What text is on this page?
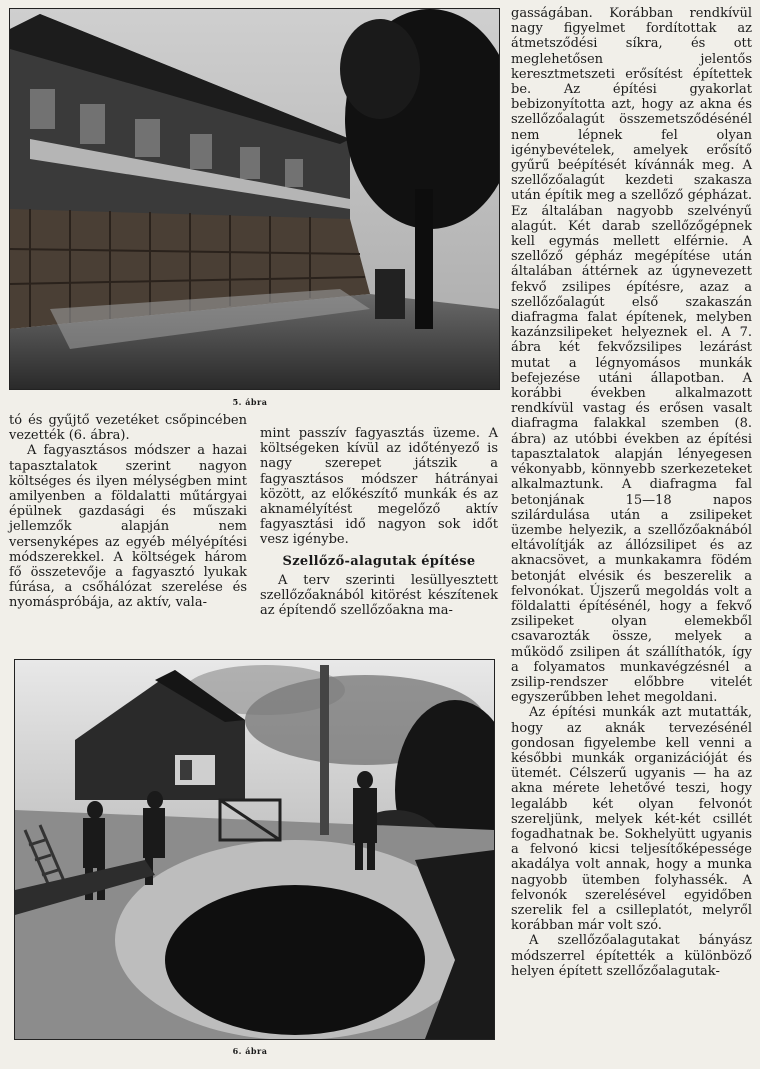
5. ábra

tó és gyűjtő vezetéket csőpincében vezették (6. ábra).

A fagyasztásos módszer a hazai tapasztalatok szerint nagyon költséges és ilyen mélységben mint amilyenben a földalatti műtárgyai épülnek gazdasági és műszaki jellemzők alapján nem versenyképes az egyéb mélyépítési módszerekkel. A költségek három fő összetevője a fagyasztó lyukak fúrása, a csőhálózat szerelése és nyomáspróbája, az aktív, vala-

mint passzív fagyasztás üzeme. A költségeken kívül az időtényező is nagy szerepet játszik a fagyasztásos módszer hátrányai között, az előkészítő munkák és az aknamélyítést megelőző aktív fagyasztási idő nagyon sok időt vesz igénybe.

Szellőző-alagutak építése

A terv szerinti lesüllyesztett szellőzőaknából kitörést készítenek az építendő szellőzőakna ma-

6. ábra

gasságában. Korábban rendkívül nagy figyelmet fordítottak az átmetsződési síkra, és ott meglehetősen jelentős keresztmetszeti erősítést építettek be. Az építési gyakorlat bebizonyította azt, hogy az akna és szellőzőalagút összemetsződésénél nem lépnek fel olyan igénybevételek, amelyek erősítő gyűrű beépítését kívánnák meg. A szellőzőalagút kezdeti szakasza után építik meg a szellőző gépházat. Ez általában nagyobb szelvényű alagút. Két darab szellőzőgépnek kell egymás mellett elférnie. A szellőző gépház megépítése után általában áttérnek az úgynevezett fekvő zsilipes építésre, azaz a szellőzőalagút első szakaszán diafragma falat építenek, melyben kazánzsilipeket helyeznek el. A 7. ábra két fekvőzsilipes lezárást mutat a légnyomásos munkák befejezése utáni állapotban. A korábbi években alkalmazott rendkívül vastag és erősen vasalt diafragma falakkal szemben (8. ábra) az utóbbi években az építési tapasztalatok alapján lényegesen vékonyabb, könnyebb szerkezeteket alkalmaztunk. A diafragma fal betonjának 15—18 napos szilárdulása után a zsilipeket üzembe helyezik, a szellőzőaknából eltávolítják az állózsilipet és az aknacsövet, a munkakamra födém betonját elvésik és beszerelik a felvonókat. Újszerű megoldás volt a földalatti építésénél, hogy a fekvő zsilipeket olyan elemekből csavarozták össze, melyek a működő zsilipen át szállíthatók, így a folyamatos munkavégzésnél a zsilip-rendszer előbbre vitelét egyszerűbben lehet megoldani.

Az építési munkák azt mutatták, hogy az aknák tervezésénél gondosan figyelembe kell venni a későbbi munkák organizációját és ütemét. Célszerű ugyanis — ha az akna mérete lehetővé teszi, hogy legalább két olyan felvonót szereljünk, melyek két-két csillét fogadhatnak be. Sokhelyütt ugyanis a felvonó kicsi teljesítőképessége akadálya volt annak, hogy a munka nagyobb ütemben folyhassék. A felvonók szerelésével egyidőben szerelik fel a csilleplatót, melyről korábban már volt szó.

A szellőzőalagutakat bányász módszerrel építették a különböző helyen épített szellőzőalagutak-
